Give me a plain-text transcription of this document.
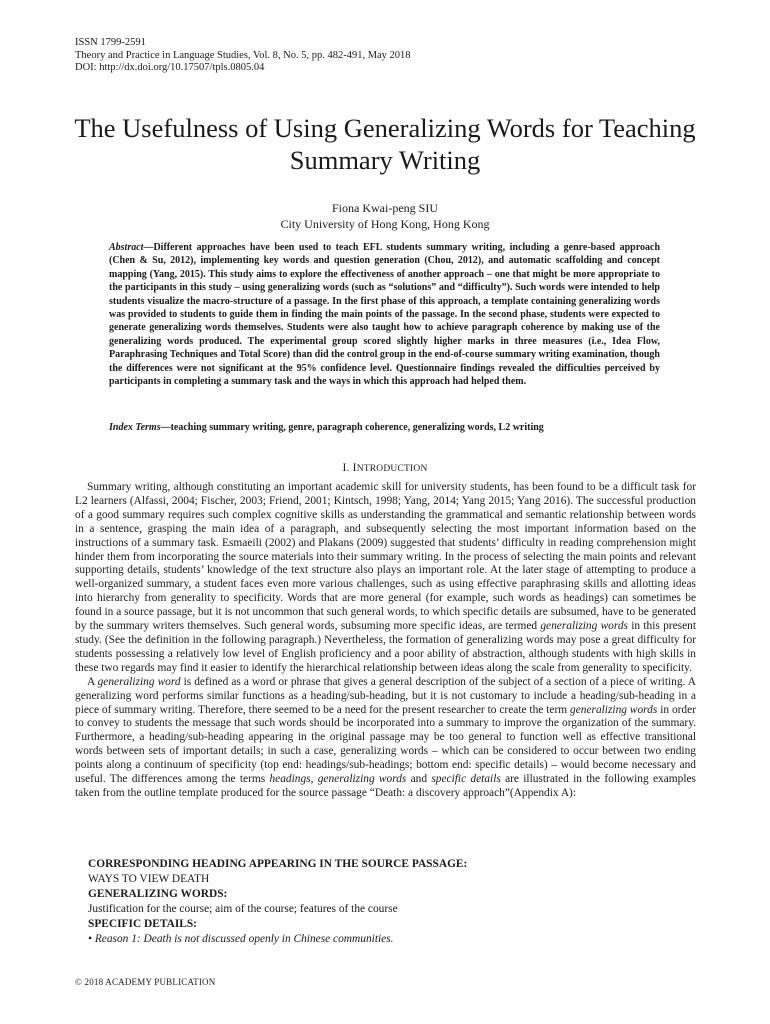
ISSN 1799-2591
Theory and Practice in Language Studies, Vol. 8, No. 5, pp. 482-491, May 2018
DOI: http://dx.doi.org/10.17507/tpls.0805.04
The Usefulness of Using Generalizing Words for Teaching Summary Writing
Fiona Kwai-peng SIU
City University of Hong Kong, Hong Kong

Abstract—Different approaches have been used to teach EFL students summary writing, including a genre-based approach (Chen & Su, 2012), implementing key words and question generation (Chou, 2012), and automatic scaffolding and concept mapping (Yang, 2015). This study aims to explore the effectiveness of another approach – one that might be more appropriate to the participants in this study – using generalizing words (such as “solutions” and “difficulty”). Such words were intended to help students visualize the macro-structure of a passage. In the first phase of this approach, a template containing generalizing words was provided to students to guide them in finding the main points of the passage. In the second phase, students were expected to generate generalizing words themselves. Students were also taught how to achieve paragraph coherence by making use of the generalizing words produced. The experimental group scored slightly higher marks in three measures (i.e., Idea Flow, Paraphrasing Techniques and Total Score) than did the control group in the end-of-course summary writing examination, though the differences were not significant at the 95% confidence level. Questionnaire findings revealed the difficulties perceived by participants in completing a summary task and the ways in which this approach had helped them.

Index Terms—teaching summary writing, genre, paragraph coherence, generalizing words, L2 writing

I. INTRODUCTION

Summary writing, although constituting an important academic skill for university students, has been found to be a difficult task for L2 learners (Alfassi, 2004; Fischer, 2003; Friend, 2001; Kintsch, 1998; Yang, 2014; Yang 2015; Yang 2016). The successful production of a good summary requires such complex cognitive skills as understanding the grammatical and semantic relationship between words in a sentence, grasping the main idea of a paragraph, and subsequently selecting the most important information based on the instructions of a summary task. Esmaeili (2002) and Plakans (2009) suggested that students’ difficulty in reading comprehension might hinder them from incorporating the source materials into their summary writing. In the process of selecting the main points and relevant supporting details, students’ knowledge of the text structure also plays an important role. At the later stage of attempting to produce a well-organized summary, a student faces even more various challenges, such as using effective paraphrasing skills and allotting ideas into hierarchy from generality to specificity. Words that are more general (for example, such words as headings) can sometimes be found in a source passage, but it is not uncommon that such general words, to which specific details are subsumed, have to be generated by the summary writers themselves. Such general words, subsuming more specific ideas, are termed generalizing words in this present study. (See the definition in the following paragraph.) Nevertheless, the formation of generalizing words may pose a great difficulty for students possessing a relatively low level of English proficiency and a poor ability of abstraction, although students with high skills in these two regards may find it easier to identify the hierarchical relationship between ideas along the scale from generality to specificity.

A generalizing word is defined as a word or phrase that gives a general description of the subject of a section of a piece of writing. A generalizing word performs similar functions as a heading/sub-heading, but it is not customary to include a heading/sub-heading in a piece of summary writing. Therefore, there seemed to be a need for the present researcher to create the term generalizing words in order to convey to students the message that such words should be incorporated into a summary to improve the organization of the summary. Furthermore, a heading/sub-heading appearing in the original passage may be too general to function well as effective transitional words between sets of important details; in such a case, generalizing words – which can be considered to occur between two ending points along a continuum of specificity (top end: headings/sub-headings; bottom end: specific details) – would become necessary and useful. The differences among the terms headings, generalizing words and specific details are illustrated in the following examples taken from the outline template produced for the source passage “Death: a discovery approach”(Appendix A):

CORRESPONDING HEADING APPEARING IN THE SOURCE PASSAGE:
WAYS TO VIEW DEATH
GENERALIZING WORDS:
Justification for the course; aim of the course; features of the course
SPECIFIC DETAILS:
• Reason 1: Death is not discussed openly in Chinese communities.
© 2018 ACADEMY PUBLICATION
